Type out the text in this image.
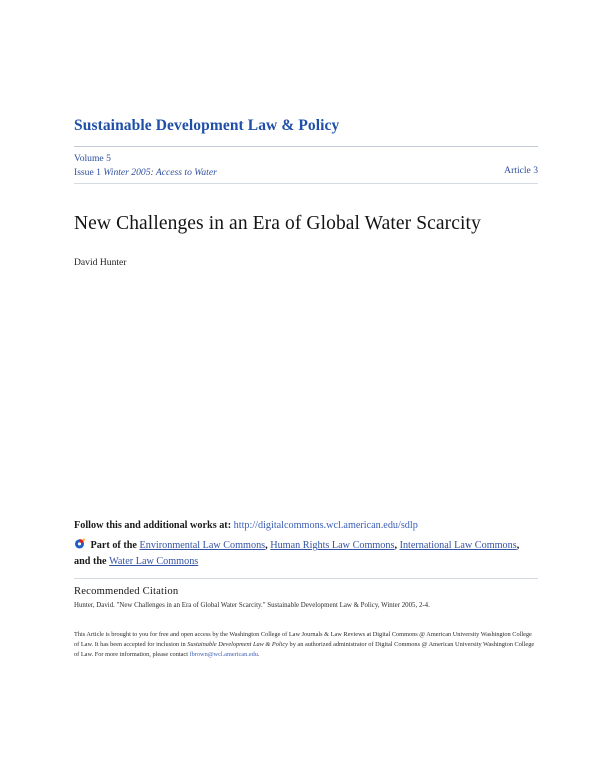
Sustainable Development Law & Policy
Volume 5
Issue 1 Winter 2005: Access to Water	Article 3
New Challenges in an Era of Global Water Scarcity

David Hunter

Follow this and additional works at: http://digitalcommons.wcl.american.edu/sdlp
Part of the Environmental Law Commons, Human Rights Law Commons, International Law Commons, and the Water Law Commons
Recommended Citation

Hunter, David. "New Challenges in an Era of Global Water Scarcity." Sustainable Development Law & Policy, Winter 2005, 2-4.

This Article is brought to you for free and open access by the Washington College of Law Journals & Law Reviews at Digital Commons @ American University Washington College of Law. It has been accepted for inclusion in Sustainable Development Law & Policy by an authorized administrator of Digital Commons @ American University Washington College of Law. For more information, please contact fbrown@wcl.american.edu.
